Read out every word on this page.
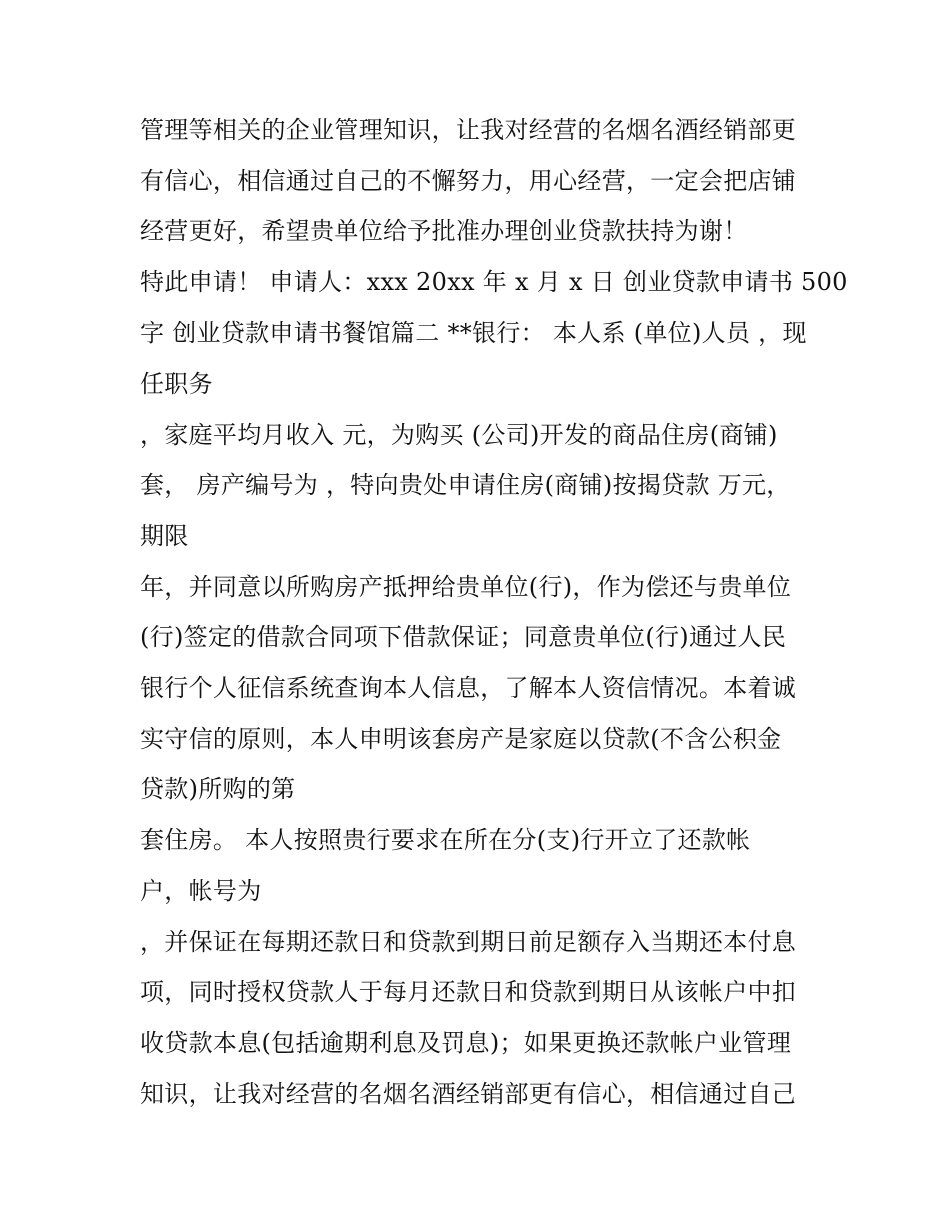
管理等相关的企业管理知识，让我对经营的名烟名酒经销部更
有信心，相信通过自己的不懈努力，用心经营，一定会把店铺
经营更好，希望贵单位给予批准办理创业贷款扶持为谢！
特此申请！ 申请人：xxx 20xx 年 x 月 x 日 创业贷款申请书 500
字 创业贷款申请书餐馆篇二 **银行： 本人系 (单位)人员 ，现
任职务
，家庭平均月收入 元，为购买 (公司)开发的商品住房(商铺)
套， 房产编号为 ，特向贵处申请住房(商铺)按揭贷款 万元，
期限
年，并同意以所购房产抵押给贵单位(行)，作为偿还与贵单位
(行)签定的借款合同项下借款保证；同意贵单位(行)通过人民
银行个人征信系统查询本人信息，了解本人资信情况。本着诚
实守信的原则，本人申明该套房产是家庭以贷款(不含公积金
贷款)所购的第
套住房。 本人按照贵行要求在所在分(支)行开立了还款帐
户，帐号为
，并保证在每期还款日和贷款到期日前足额存入当期还本付息
项，同时授权贷款人于每月还款日和贷款到期日从该帐户中扣
收贷款本息(包括逾期利息及罚息)；如果更换还款帐户业管理
知识，让我对经营的名烟名酒经销部更有信心，相信通过自己
